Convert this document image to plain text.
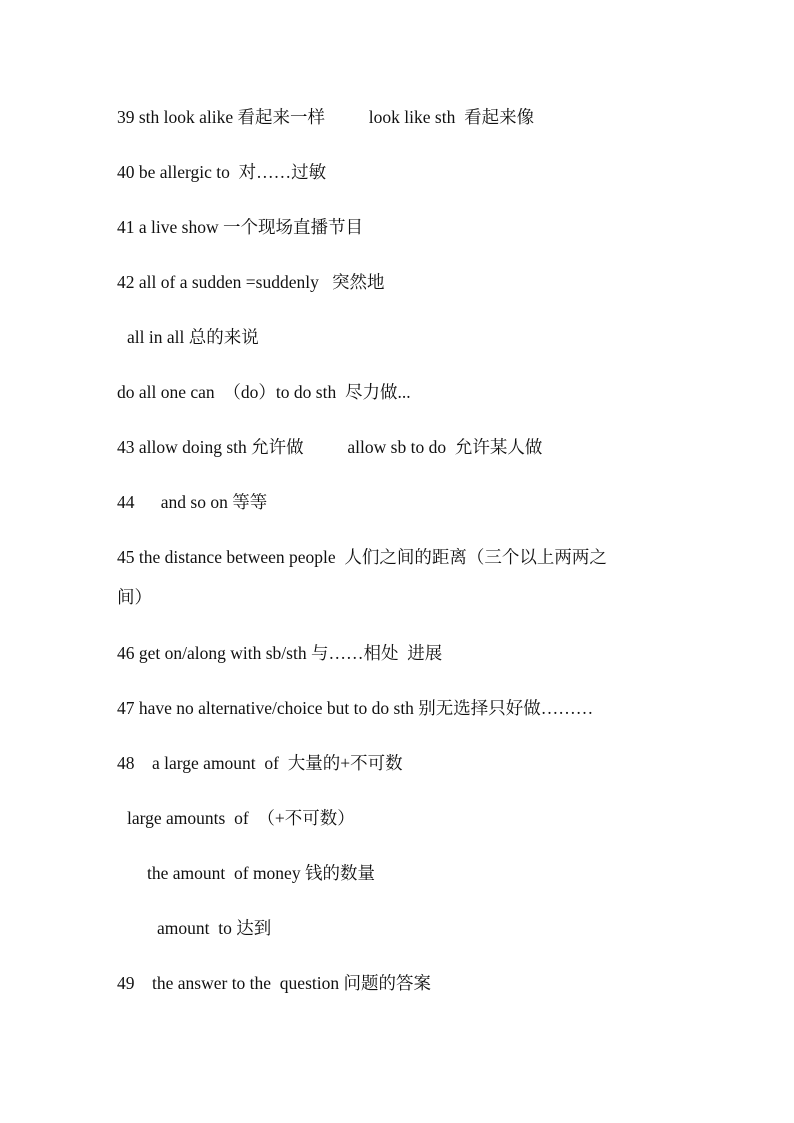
39 sth look alike 看起来一样          look like sth  看起来像
40 be allergic to  对……过敏
41 a live show 一个现场直播节目
42 all of a sudden =suddenly   突然地
all in all 总的来说
do all one can  （do）to do sth  尽力做...
43 allow doing sth 允许做          allow sb to do  允许某人做
44      and so on 等等
45 the distance between people  人们之间的距离（三个以上两两之
间）
46 get on/along with sb/sth 与……相处  进展
47 have no alternative/choice but to do sth 别无选择只好做………
48    a large amount  of  大量的+不可数
large amounts  of  （+不可数）
the amount  of money 钱的数量
amount  to 达到
49    the answer to the  question 问题的答案
